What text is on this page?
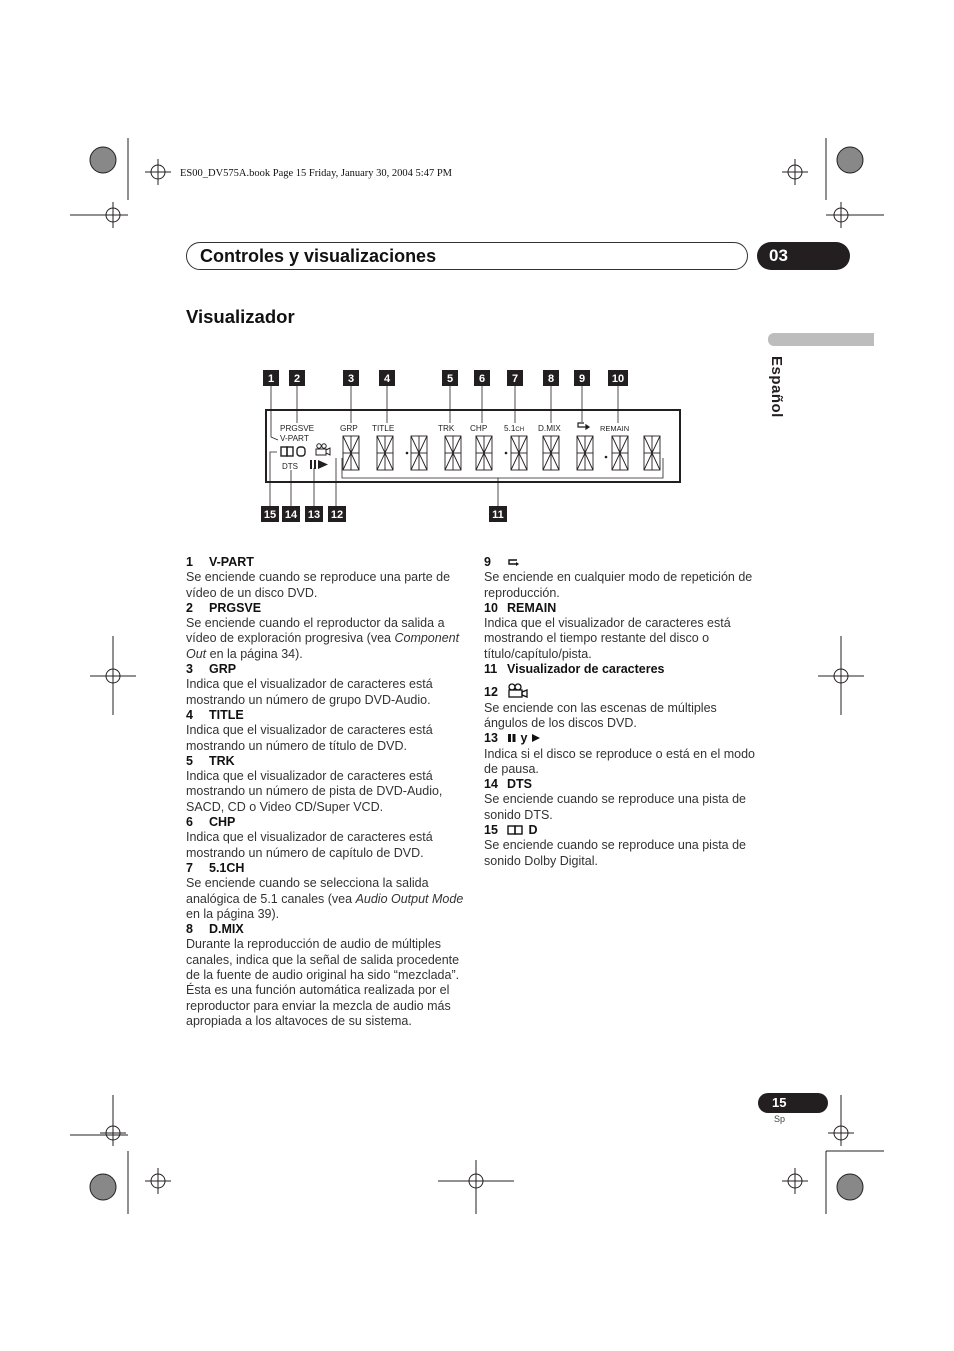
ES00_DV575A.book Page 15 Friday, January 30, 2004 5:47 PM
Controles y visualizaciones	03
Visualizador
Español
1 2	3	4	5 6 7	8 9 10
15 14 13 12	11
PRGSVE
V-PART
GRP TITLE	TRK CHP 5.1CH D.MIX	REMAIN
DTS
1 V-PART

Se enciende cuando se reproduce una parte de vídeo de un disco DVD.

2 PRGSVE

Se enciende cuando el reproductor da salida a vídeo de exploración progresiva (vea Component Out en la página 34).

3 GRP

Indica que el visualizador de caracteres está mostrando un número de grupo DVD-Audio.

4 TITLE

Indica que el visualizador de caracteres está mostrando un número de título de DVD.

5 TRK

Indica que el visualizador de caracteres está mostrando un número de pista de DVD-Audio, SACD, CD o Video CD/Super VCD.

6 CHP

Indica que el visualizador de caracteres está mostrando un número de capítulo de DVD.

7 5.1CH

Se enciende cuando se selecciona la salida analógica de 5.1 canales (vea Audio Output Mode en la página 39).

8 D.MIX

Durante la reproducción de audio de múltiples canales, indica que la señal de salida procedente de la fuente de audio original ha sido “mezclada”. Ésta es una función automática realizada por el reproductor para enviar la mezcla de audio más apropiada a los altavoces de su sistema.

9

Se enciende en cualquier modo de repetición de reproducción.

10 REMAIN

Indica que el visualizador de caracteres está mostrando el tiempo restante del disco o título/capítulo/pista.

11 Visualizador de caracteres
12

Se enciende con las escenas de múltiples ángulos de los discos DVD.

13 y

Indica si el disco se reproduce o está en el modo de pausa.

14 DTS

Se enciende cuando se reproduce una pista de sonido DTS.

15 D

Se enciende cuando se reproduce una pista de sonido Dolby Digital.

15
Sp
